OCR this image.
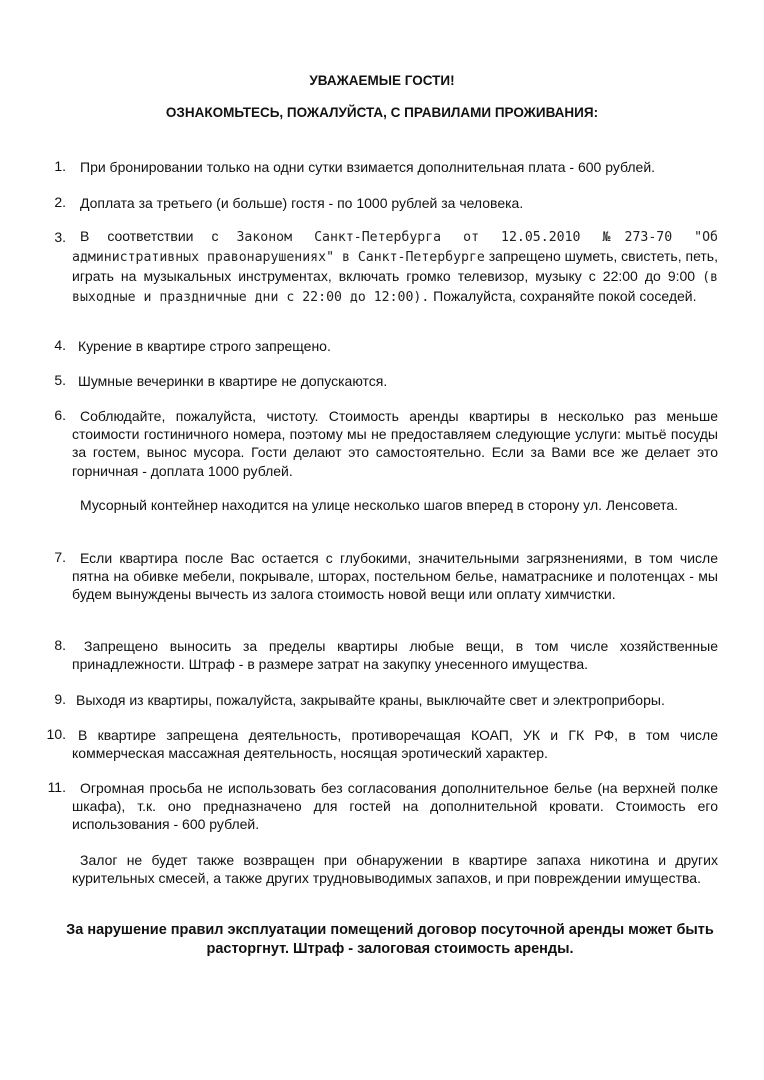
УВАЖАЕМЫЕ ГОСТИ!
ОЗНАКОМЬТЕСЬ, ПОЖАЛУЙСТА, С ПРАВИЛАМИ ПРОЖИВАНИЯ:
1. При бронировании только на одни сутки взимается дополнительная плата - 600 рублей.
2. Доплата за третьего (и больше) гостя - по 1000 рублей за человека.
3.	В соответствии с Законом Санкт-Петербурга от 12.05.2010 №273-70 "Об административных правонарушениях" в Санкт-Петербурге запрещено шуметь, свистеть, петь, играть на музыкальных инструментах, включать громко телевизор, музыку с 22:00 до 9:00 (в выходные и праздничные дни с 22:00 до 12:00). Пожалуйста, сохраняйте покой соседей.
4. Курение в квартире строго запрещено.
5. Шумные вечеринки в квартире не допускаются.
6.	Соблюдайте, пожалуйста, чистоту. Стоимость аренды квартиры в несколько раз меньше стоимости гостиничного номера, поэтому мы не предоставляем следующие услуги: мытьё посуды за гостем, вынос мусора. Гости делают это самостоятельно. Если за Вами все же делает это горничная - доплата 1000 рублей.
Мусорный контейнер находится на улице несколько шагов вперед в сторону ул. Ленсовета.
7.	Если квартира после Вас остается с глубокими, значительными загрязнениями, в том числе пятна на обивке мебели, покрывале, шторах, постельном белье, наматраснике и полотенцах - мы будем вынуждены вычесть из залога стоимость новой вещи или оплату химчистки.
8.	Запрещено выносить за пределы квартиры любые вещи, в том числе хозяйственные принадлежности. Штраф - в размере затрат на закупку унесенного имущества.
9. Выходя из квартиры, пожалуйста, закрывайте краны, выключайте свет и электроприборы.
10. В квартире запрещена деятельность, противоречащая КОАП, УК и ГК РФ, в том числе коммерческая массажная деятельность, носящая эротический характер.
11.	Огромная просьба не использовать без согласования дополнительное белье (на верхней полке шкафа), т.к. оно предназначено для гостей на дополнительной кровати. Стоимость его использования - 600 рублей.
Залог не будет также возвращен при обнаружении в квартире запаха никотина и других курительных смесей, а также других трудновыводимых запахов, и при повреждении имущества.
За нарушение правил эксплуатации помещений договор посуточной аренды может быть расторгнут. Штраф - залоговая стоимость аренды.
